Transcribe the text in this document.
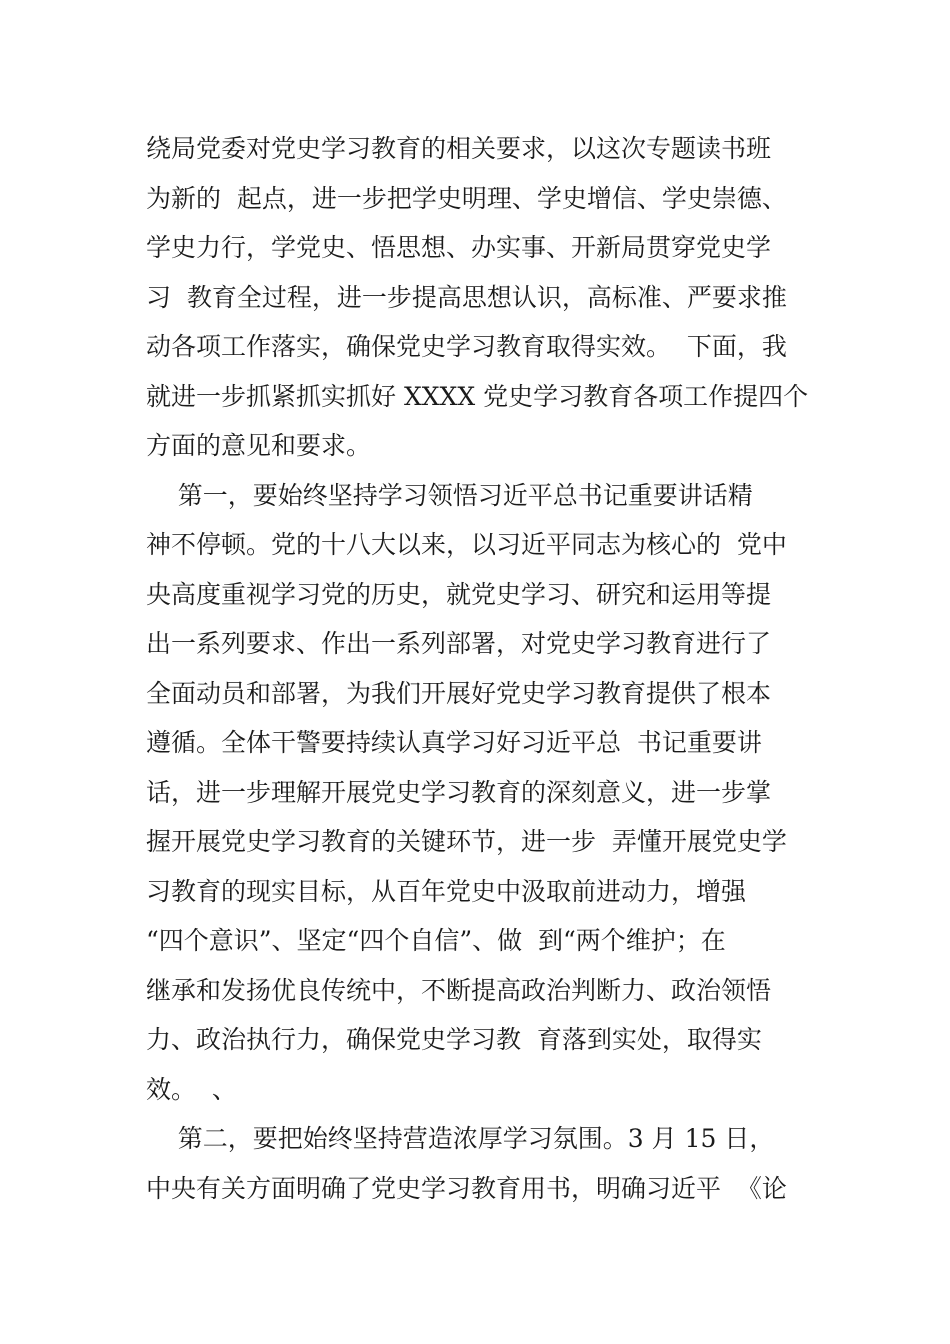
绕局党委对党史学习教育的相关要求，以这次专题读书班
为新的  起点，进一步把学史明理、学史增信、学史崇德、
学史力行，学党史、悟思想、办实事、开新局贯穿党史学
习  教育全过程，进一步提高思想认识，高标准、严要求推
动各项工作落实，确保党史学习教育取得实效。  下面，我
就进一步抓紧抓实抓好 XXXX 党史学习教育各项工作提四个
方面的意见和要求。
第一，要始终坚持学习领悟习近平总书记重要讲话精
神不停顿。党的十八大以来，以习近平同志为核心的  党中
央高度重视学习党的历史，就党史学习、研究和运用等提
出一系列要求、作出一系列部署，对党史学习教育进行了
全面动员和部署，为我们开展好党史学习教育提供了根本
遵循。全体干警要持续认真学习好习近平总  书记重要讲
话，进一步理解开展党史学习教育的深刻意义，进一步掌
握开展党史学习教育的关键环节，进一步  弄懂开展党史学
习教育的现实目标，从百年党史中汲取前进动力，增强
“四个意识”、坚定“四个自信”、做  到“两个维护；在
继承和发扬优良传统中，不断提高政治判断力、政治领悟
力、政治执行力，确保党史学习教  育落到实处，取得实
效。  、
第二，要把始终坚持营造浓厚学习氛围。3 月 15 日，
中央有关方面明确了党史学习教育用书，明确习近平  《论
